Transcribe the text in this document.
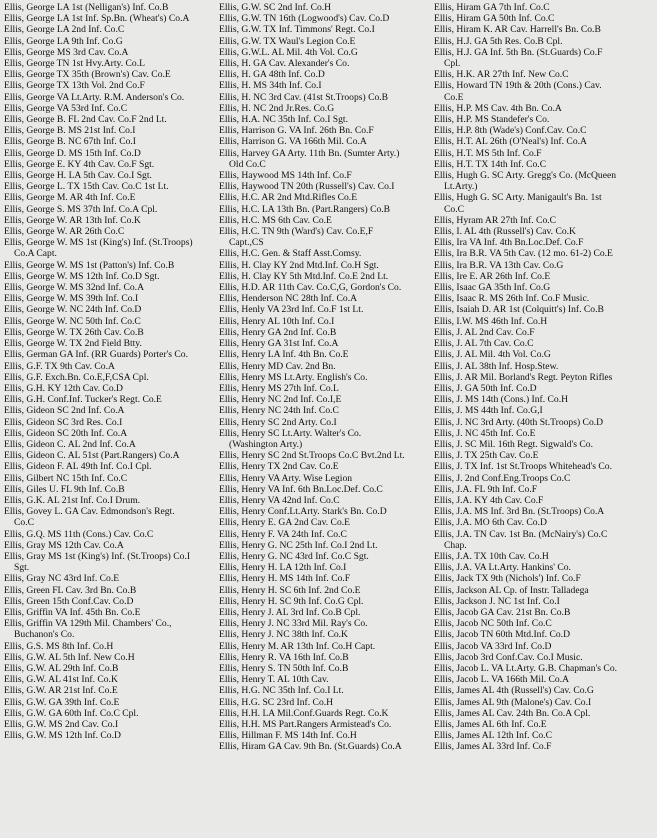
Ellis, George LA 1st (Nelligan's) Inf. Co.B
Ellis, George LA 1st Inf. Sp.Bn. (Wheat's) Co.A
Ellis, George LA 2nd Inf. Co.C
Ellis, George LA 9th Inf. Co.G
Ellis, George MS 3rd Cav. Co.A
Ellis, George TN 1st Hvy.Arty. Co.L
Ellis, George TX 35th (Brown's) Cav. Co.E
Ellis, George TX 13th Vol. 2nd Co.F
Ellis, George VA Lt.Arty. R.M. Anderson's Co.
Ellis, George VA 53rd Inf. Co.C
Ellis, George B. FL 2nd Cav. Co.F 2nd Lt.
Ellis, George B. MS 21st Inf. Co.I
Ellis, George B. NC 67th Inf. Co.I
Ellis, George D. MS 15th Inf. Co.D
Ellis, George E. KY 4th Cav. Co.F Sgt.
Ellis, George H. LA 5th Cav. Co.I Sgt.
Ellis, George L. TX 15th Cav. Co.C 1st Lt.
Ellis, George M. AR 4th Inf. Co.E
Ellis, George S. MS 37th Inf. Co.A Cpl.
Ellis, George W. AR 13th Inf. Co.K
Ellis, George W. AR 26th Co.C
Ellis, George W. MS 1st (King's) Inf. (St.Troops)
Co.A Capt.
Ellis, George W. MS 1st (Patton's) Inf. Co.B
Ellis, George W. MS 12th Inf. Co.D Sgt.
Ellis, George W. MS 32nd Inf. Co.A
Ellis, George W. MS 39th Inf. Co.I
Ellis, George W. NC 24th Inf. Co.D
Ellis, George W. NC 50th Inf. Co.C
Ellis, George W. TX 26th Cav. Co.B
Ellis, George W. TX 2nd Field Btty.
Ellis, German GA Inf. (RR Guards) Porter's Co.
Ellis, G.F. TX 9th Cav. Co.A
Ellis, G.F. Exch.Bn. Co.E,F,CSA Cpl.
Ellis, G.H. KY 12th Cav. Co.D
Ellis, G.H. Conf.Inf. Tucker's Regt. Co.E
Ellis, Gideon SC 2nd Inf. Co.A
Ellis, Gideon SC 3rd Res. Co.I
Ellis, Gideon SC 20th Inf. Co.A
Ellis, Gideon C. AL 2nd Inf. Co.A
Ellis, Gideon C. AL 51st (Part.Rangers) Co.A
Ellis, Gideon F. AL 49th Inf. Co.I Cpl.
Ellis, Gilbert NC 15th Inf. Co.C
Ellis, Giles U. FL 9th Inf. Co.B
Ellis, G.K. AL 21st Inf. Co.I Drum.
Ellis, Govey L. GA Cav. Edmondson's Regt.
Co.C
Ellis, G.Q. MS 11th (Cons.) Cav. Co.C
Ellis, Gray MS 12th Cav. Co.A
Ellis, Gray MS 1st (King's) Inf. (St.Troops) Co.I
Sgt.
Ellis, Gray NC 43rd Inf. Co.E
Ellis, Green FL Cav. 3rd Bn. Co.B
Ellis, Green 15th Conf.Cav. Co.D
Ellis, Griffin VA Inf. 45th Bn. Co.E
Ellis, Griffin VA 129th Mil. Chambers' Co.,
Buchanon's Co.
Ellis, G.S. MS 8th Inf. Co.H
Ellis, G.W. AL 5th Inf. New Co.H
Ellis, G.W. AL 29th Inf. Co.B
Ellis, G.W. AL 41st Inf. Co.K
Ellis, G.W. AR 21st Inf. Co.E
Ellis, G.W. GA 39th Inf. Co.E
Ellis, G.W. GA 60th Inf. Co.C Cpl.
Ellis, G.W. MS 2nd Cav. Co.I
Ellis, G.W. MS 12th Inf. Co.D
Ellis, G.W. SC 2nd Inf. Co.H
Ellis, G.W. TN 16th (Logwood's) Cav. Co.D
Ellis, G.W. TX Inf. Timmons' Regt. Co.I
Ellis, G.W. TX Waul's Legion Co.E
Ellis, G.W.L. AL Mil. 4th Vol. Co.G
Ellis, H. GA Cav. Alexander's Co.
Ellis, H. GA 48th Inf. Co.D
Ellis, H. MS 34th Inf. Co.I
Ellis, H. NC 3rd Cav. (41st St.Troops) Co.B
Ellis, H. NC 2nd Jr.Res. Co.G
Ellis, H.A. NC 35th Inf. Co.I Sgt.
Ellis, Harrison G. VA Inf. 26th Bn. Co.F
Ellis, Harrison G. VA 166th Mil. Co.A
Ellis, Harvey GA Arty. 11th Bn. (Sumter Arty.)
Old Co.C
Ellis, Haywood MS 14th Inf. Co.F
Ellis, Haywood TN 20th (Russell's) Cav. Co.I
Ellis, H.C. AR 2nd Mtd.Rifles Co.E
Ellis, H.C. LA 13th Bn. (Part.Rangers) Co.B
Ellis, H.C. MS 6th Cav. Co.E
Ellis, H.C. TN 9th (Ward's) Cav. Co.E,F
Capt.,CS
Ellis, H.C. Gen. & Staff Asst.Comsy.
Ellis, H. Clay KY 2nd Mtd.Inf. Co.H Sgt.
Ellis, H. Clay KY 5th Mtd.Inf. Co.E 2nd Lt.
Ellis, H.D. AR 11th Cav. Co.C,G, Gordon's Co.
Ellis, Henderson NC 28th Inf. Co.A
Ellis, Henly VA 23rd Inf. Co.F 1st Lt.
Ellis, Henry AL 10th Inf. Co.I
Ellis, Henry GA 2nd Inf. Co.B
Ellis, Henry GA 31st Inf. Co.A
Ellis, Henry LA Inf. 4th Bn. Co.E
Ellis, Henry MD Cav. 2nd Bn.
Ellis, Henry MS Lt.Arty. English's Co.
Ellis, Henry MS 27th Inf. Co.L
Ellis, Henry NC 2nd Inf. Co.I,E
Ellis, Henry NC 24th Inf. Co.C
Ellis, Henry SC 2nd Arty. Co.I
Ellis, Henry SC Lt.Arty. Walter's Co.
(Washington Arty.)
Ellis, Henry SC 2nd St.Troops Co.C Bvt.2nd Lt.
Ellis, Henry TX 2nd Cav. Co.E
Ellis, Henry VA Arty. Wise Legion
Ellis, Henry VA Inf. 6th Bn.Loc.Def. Co.C
Ellis, Henry VA 42nd Inf. Co.C
Ellis, Henry Conf.Lt.Arty. Stark's Bn. Co.D
Ellis, Henry E. GA 2nd Cav. Co.E
Ellis, Henry F. VA 24th Inf. Co.C
Ellis, Henry G. NC 25th Inf. Co.I 2nd Lt.
Ellis, Henry G. NC 43rd Inf. Co.C Sgt.
Ellis, Henry H. LA 12th Inf. Co.I
Ellis, Henry H. MS 14th Inf. Co.F
Ellis, Henry H. SC 6th Inf. 2nd Co.E
Ellis, Henry H. SC 9th Inf. Co.G Cpl.
Ellis, Henry J. AL 3rd Inf. Co.B Cpl.
Ellis, Henry J. NC 33rd Mil. Ray's Co.
Ellis, Henry J. NC 38th Inf. Co.K
Ellis, Henry M. AR 13th Inf. Co.H Capt.
Ellis, Henry R. VA 16th Inf. Co.B
Ellis, Henry S. TN 50th Inf. Co.B
Ellis, Henry T. AL 10th Cav.
Ellis, H.G. NC 35th Inf. Co.I Lt.
Ellis, H.G. SC 23rd Inf. Co.H
Ellis, H.H. LA Mil.Conf.Guards Regt. Co.K
Ellis, H.H. MS Part.Rangers Armistead's Co.
Ellis, Hillman F. MS 14th Inf. Co.H
Ellis, Hiram GA Cav. 9th Bn. (St.Guards) Co.A
Ellis, Hiram GA 7th Inf. Co.C
Ellis, Hiram GA 50th Inf. Co.C
Ellis, Hiram K. AR Cav. Harrell's Bn. Co.B
Ellis, H.J. GA 5th Res. Co.B Cpl.
Ellis, H.J. GA Inf. 5th Bn. (St.Guards) Co.F
Cpl.
Ellis, H.K. AR 27th Inf. New Co.C
Ellis, Howard TN 19th & 20th (Cons.) Cav.
Co.E
Ellis, H.P. MS Cav. 4th Bn. Co.A
Ellis, H.P. MS Standefer's Co.
Ellis, H.P. 8th (Wade's) Conf.Cav. Co.C
Ellis, H.T. AL 26th (O'Neal's) Inf. Co.A
Ellis, H.T. MS 5th Inf. Co.F
Ellis, H.T. TX 14th Inf. Co.C
Ellis, Hugh G. SC Arty. Gregg's Co. (McQueen
Lt.Arty.)
Ellis, Hugh G. SC Arty. Manigault's Bn. 1st
Co.C
Ellis, Hyram AR 27th Inf. Co.C
Ellis, I. AL 4th (Russell's) Cav. Co.K
Ellis, Ira VA Inf. 4th Bn.Loc.Def. Co.F
Ellis, Ira B.R. VA 5th Cav. (12 mo. 61-2) Co.E
Ellis, Ira B.R. VA 13th Cav. Co.G
Ellis, Ire E. AR 26th Inf. Co.E
Ellis, Isaac GA 35th Inf. Co.G
Ellis, Isaac R. MS 26th Inf. Co.F Music.
Ellis, Isaiah D. AR 1st (Colquitt's) Inf. Co.B
Ellis, I.W. MS 46th Inf. Co.H
Ellis, J. AL 2nd Cav. Co.F
Ellis, J. AL 7th Cav. Co.C
Ellis, J. AL Mil. 4th Vol. Co.G
Ellis, J. AL 38th Inf. Hosp.Stew.
Ellis, J. AR Mil. Borland's Regt. Peyton Rifles
Ellis, J. GA 50th Inf. Co.D
Ellis, J. MS 14th (Cons.) Inf. Co.H
Ellis, J. MS 44th Inf. Co.G,I
Ellis, J. NC 3rd Arty. (40th St.Troops) Co.D
Ellis, J. NC 45th Inf. Co.E
Ellis, J. SC Mil. 16th Regt. Sigwald's Co.
Ellis, J. TX 25th Cav. Co.E
Ellis, J. TX Inf. 1st St.Troops Whitehead's Co.
Ellis, J. 2nd Conf.Eng.Troops Co.C
Ellis, J.A. FL 9th Inf. Co.F
Ellis, J.A. KY 4th Cav. Co.F
Ellis, J.A. MS Inf. 3rd Bn. (St.Troops) Co.A
Ellis, J.A. MO 6th Cav. Co.D
Ellis, J.A. TN Cav. 1st Bn. (McNairy's) Co.C
Chap.
Ellis, J.A. TX 10th Cav. Co.H
Ellis, J.A. VA Lt.Arty. Hankins' Co.
Ellis, Jack TX 9th (Nichols') Inf. Co.F
Ellis, Jackson AL Cp. of Instr. Talladega
Ellis, Jackson J. NC 1st Inf. Co.I
Ellis, Jacob GA Cav. 21st Bn. Co.B
Ellis, Jacob NC 50th Inf. Co.C
Ellis, Jacob TN 60th Mtd.Inf. Co.D
Ellis, Jacob VA 33rd Inf. Co.D
Ellis, Jacob 3rd Conf.Cav. Co.I Music.
Ellis, Jacob L. VA Lt.Arty. G.B. Chapman's Co.
Ellis, Jacob L. VA 166th Mil. Co.A
Ellis, James AL 4th (Russell's) Cav. Co.G
Ellis, James AL 9th (Malone's) Cav. Co.I
Ellis, James AL Cav. 24th Bn. Co.A Cpl.
Ellis, James AL 6th Inf. Co.E
Ellis, James AL 12th Inf. Co.C
Ellis, James AL 33rd Inf. Co.F
